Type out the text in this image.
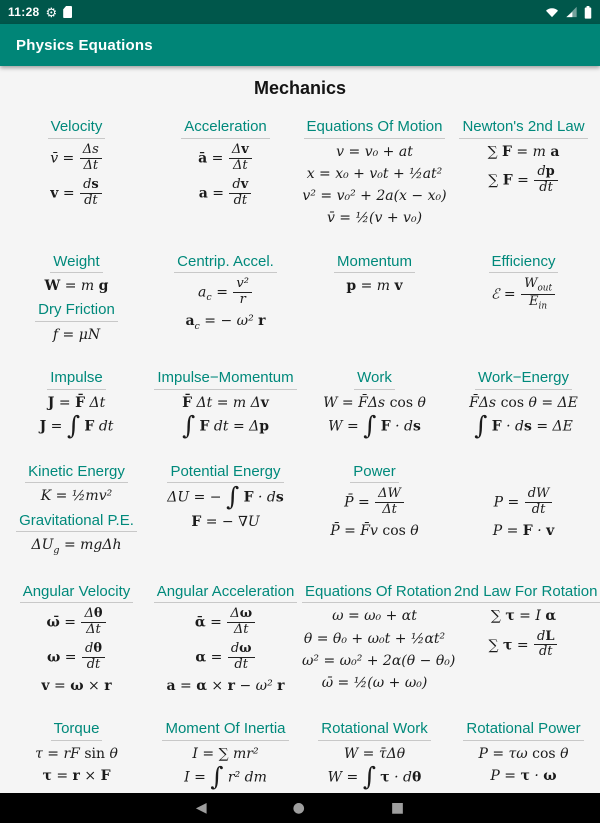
11:28 ⚙
Physics Equations
Mechanics
Velocity
v̄ = $\frac{\Delta s}{\Delta t}$
$v = \frac{ds}{dt}$
Acceleration
ā = $\frac{\Delta v}{\Delta t}$
$a = \frac{dv}{dt}$
Equations Of Motion
v = v₀ + at
x = x₀ + v₀t + ½at²
v² = v₀² + 2a(x − x₀)
v̄ = ½(v + v₀)
Newton's 2nd Law
∑ F = m a
∑ $F = \frac{dp}{dt}$
Weight
W = m g
Dry Friction
f = μN
Centrip. Accel.
$a_c = \frac{\text{v²}}{r}$
$a_c$ = − ω² r
Momentum
p = m v
Efficiency
ℰ = $\frac{W_{out}}{E_{in}}$
Impulse
J = F̄ Δt
J = ∫ F dt
Impulse−Momentum
F̄ Δt = m Δv
∫ F dt = Δp
Work
W = F̄Δs cos θ
W = ∫ F · ds
Work−Energy
F̄Δs cos θ = ΔE
∫ F · ds = ΔE
Kinetic Energy
K = ½mv²
Gravitational P.E.
$\Delta U_g = mg\Delta h$
Potential Energy
ΔU = − ∫ F · ds
F = − ∇U
Power
P̄ = $\frac{\Delta W}{\Delta t}$
P̄ = F̄v cos θ
$P = \frac{dW}{dt}$
P = F · v
Angular Velocity
ω̄ = $\frac{\Delta\theta}{\Delta t}$
$\omega = \frac{d\theta}{dt}$
v = ω × r
Angular Acceleration
ᾱ = $\frac{\Delta\omega}{\Delta t}$
$\alpha = \frac{d\omega}{dt}$
a = α × r − ω² r
Equations Of Rotation
ω = ω₀ + αt
θ = θ₀ + ω₀t + ½αt²
ω² = ω₀² + 2α(θ − θ₀)
ω̄ = ½(ω + ω₀)
2nd Law For Rotation
∑ τ = I α
∑ $\tau = \frac{dL}{dt}$
Torque
τ = rF sin θ
τ = r × F
Moment Of Inertia
I = ∑ mr²
I = ∫ r² dm
Rotational Work
W = τ̄Δθ
W = ∫ τ · dθ
Rotational Power
P = τω cos θ
P = τ · ω
◀	●	■
